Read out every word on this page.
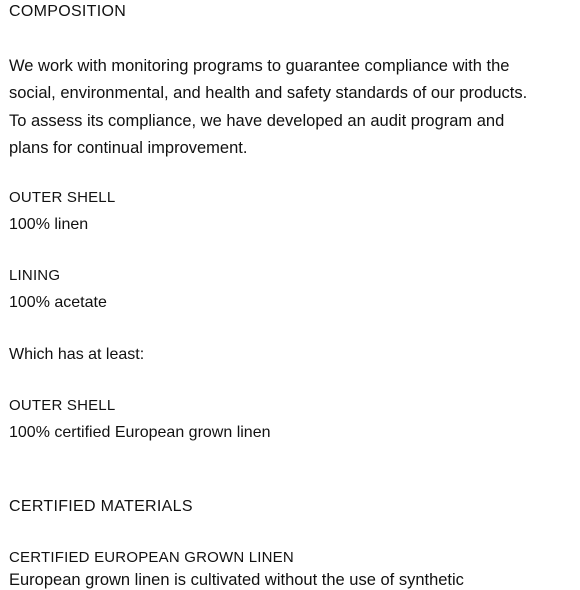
COMPOSITION
We work with monitoring programs to guarantee compliance with the
social, environmental, and health and safety standards of our products.
To assess its compliance, we have developed an audit program and
plans for continual improvement.
OUTER SHELL
100% linen
LINING
100% acetate
Which has at least:
OUTER SHELL
100% certified European grown linen
CERTIFIED MATERIALS
CERTIFIED EUROPEAN GROWN LINEN
European grown linen is cultivated without the use of synthetic
